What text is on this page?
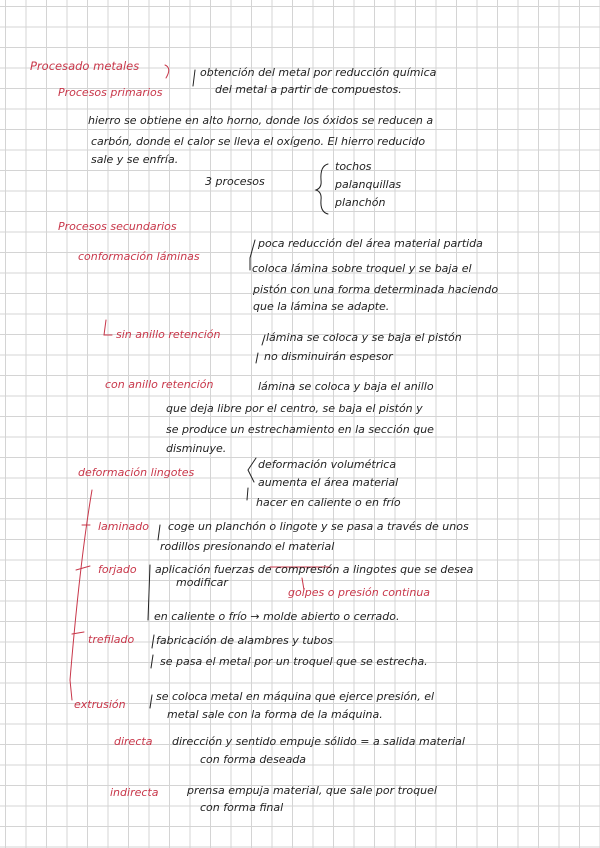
Procesado metales
Procesos primarios
obtención del metal por reducción química
del metal a partir de compuestos.
hierro se obtiene en alto horno, donde los óxidos se reducen a
carbón, donde el calor se lleva el oxígeno. El hierro reducido
sale y se enfría.
3 procesos
tochos
palanquillas
planchón
Procesos secundarios
conformación láminas
poca reducción del área material partida
coloca lámina sobre troquel y se baja el
pistón con una forma determinada haciendo
que la lámina se adapte.
sin anillo retención	lámina se coloca y se baja el pistón
no disminuirán espesor
con anillo retención	lámina se coloca y baja el anillo
que deja libre por el centro, se baja el pistón y
se produce un estrechamiento en la sección que
disminuye.
deformación lingotes
deformación volumétrica
aumenta el área material
hacer en caliente o en frío
laminado coge un planchón o lingote y se pasa a través de unos
rodillos presionando el material
forjado aplicación fuerzas de compresión a lingotes que se desea
modificar
golpes o presión continua
en caliente o frío → molde abierto o cerrado.
trefilado fabricación de alambres y tubos
se pasa el metal por un troquel que se estrecha.
extrusión
se coloca metal en máquina que ejerce presión, el
metal sale con la forma de la máquina.
directa dirección y sentido empuje sólido = a salida material
con forma deseada
indirecta	prensa empuja material, que sale por troquel
con forma final
